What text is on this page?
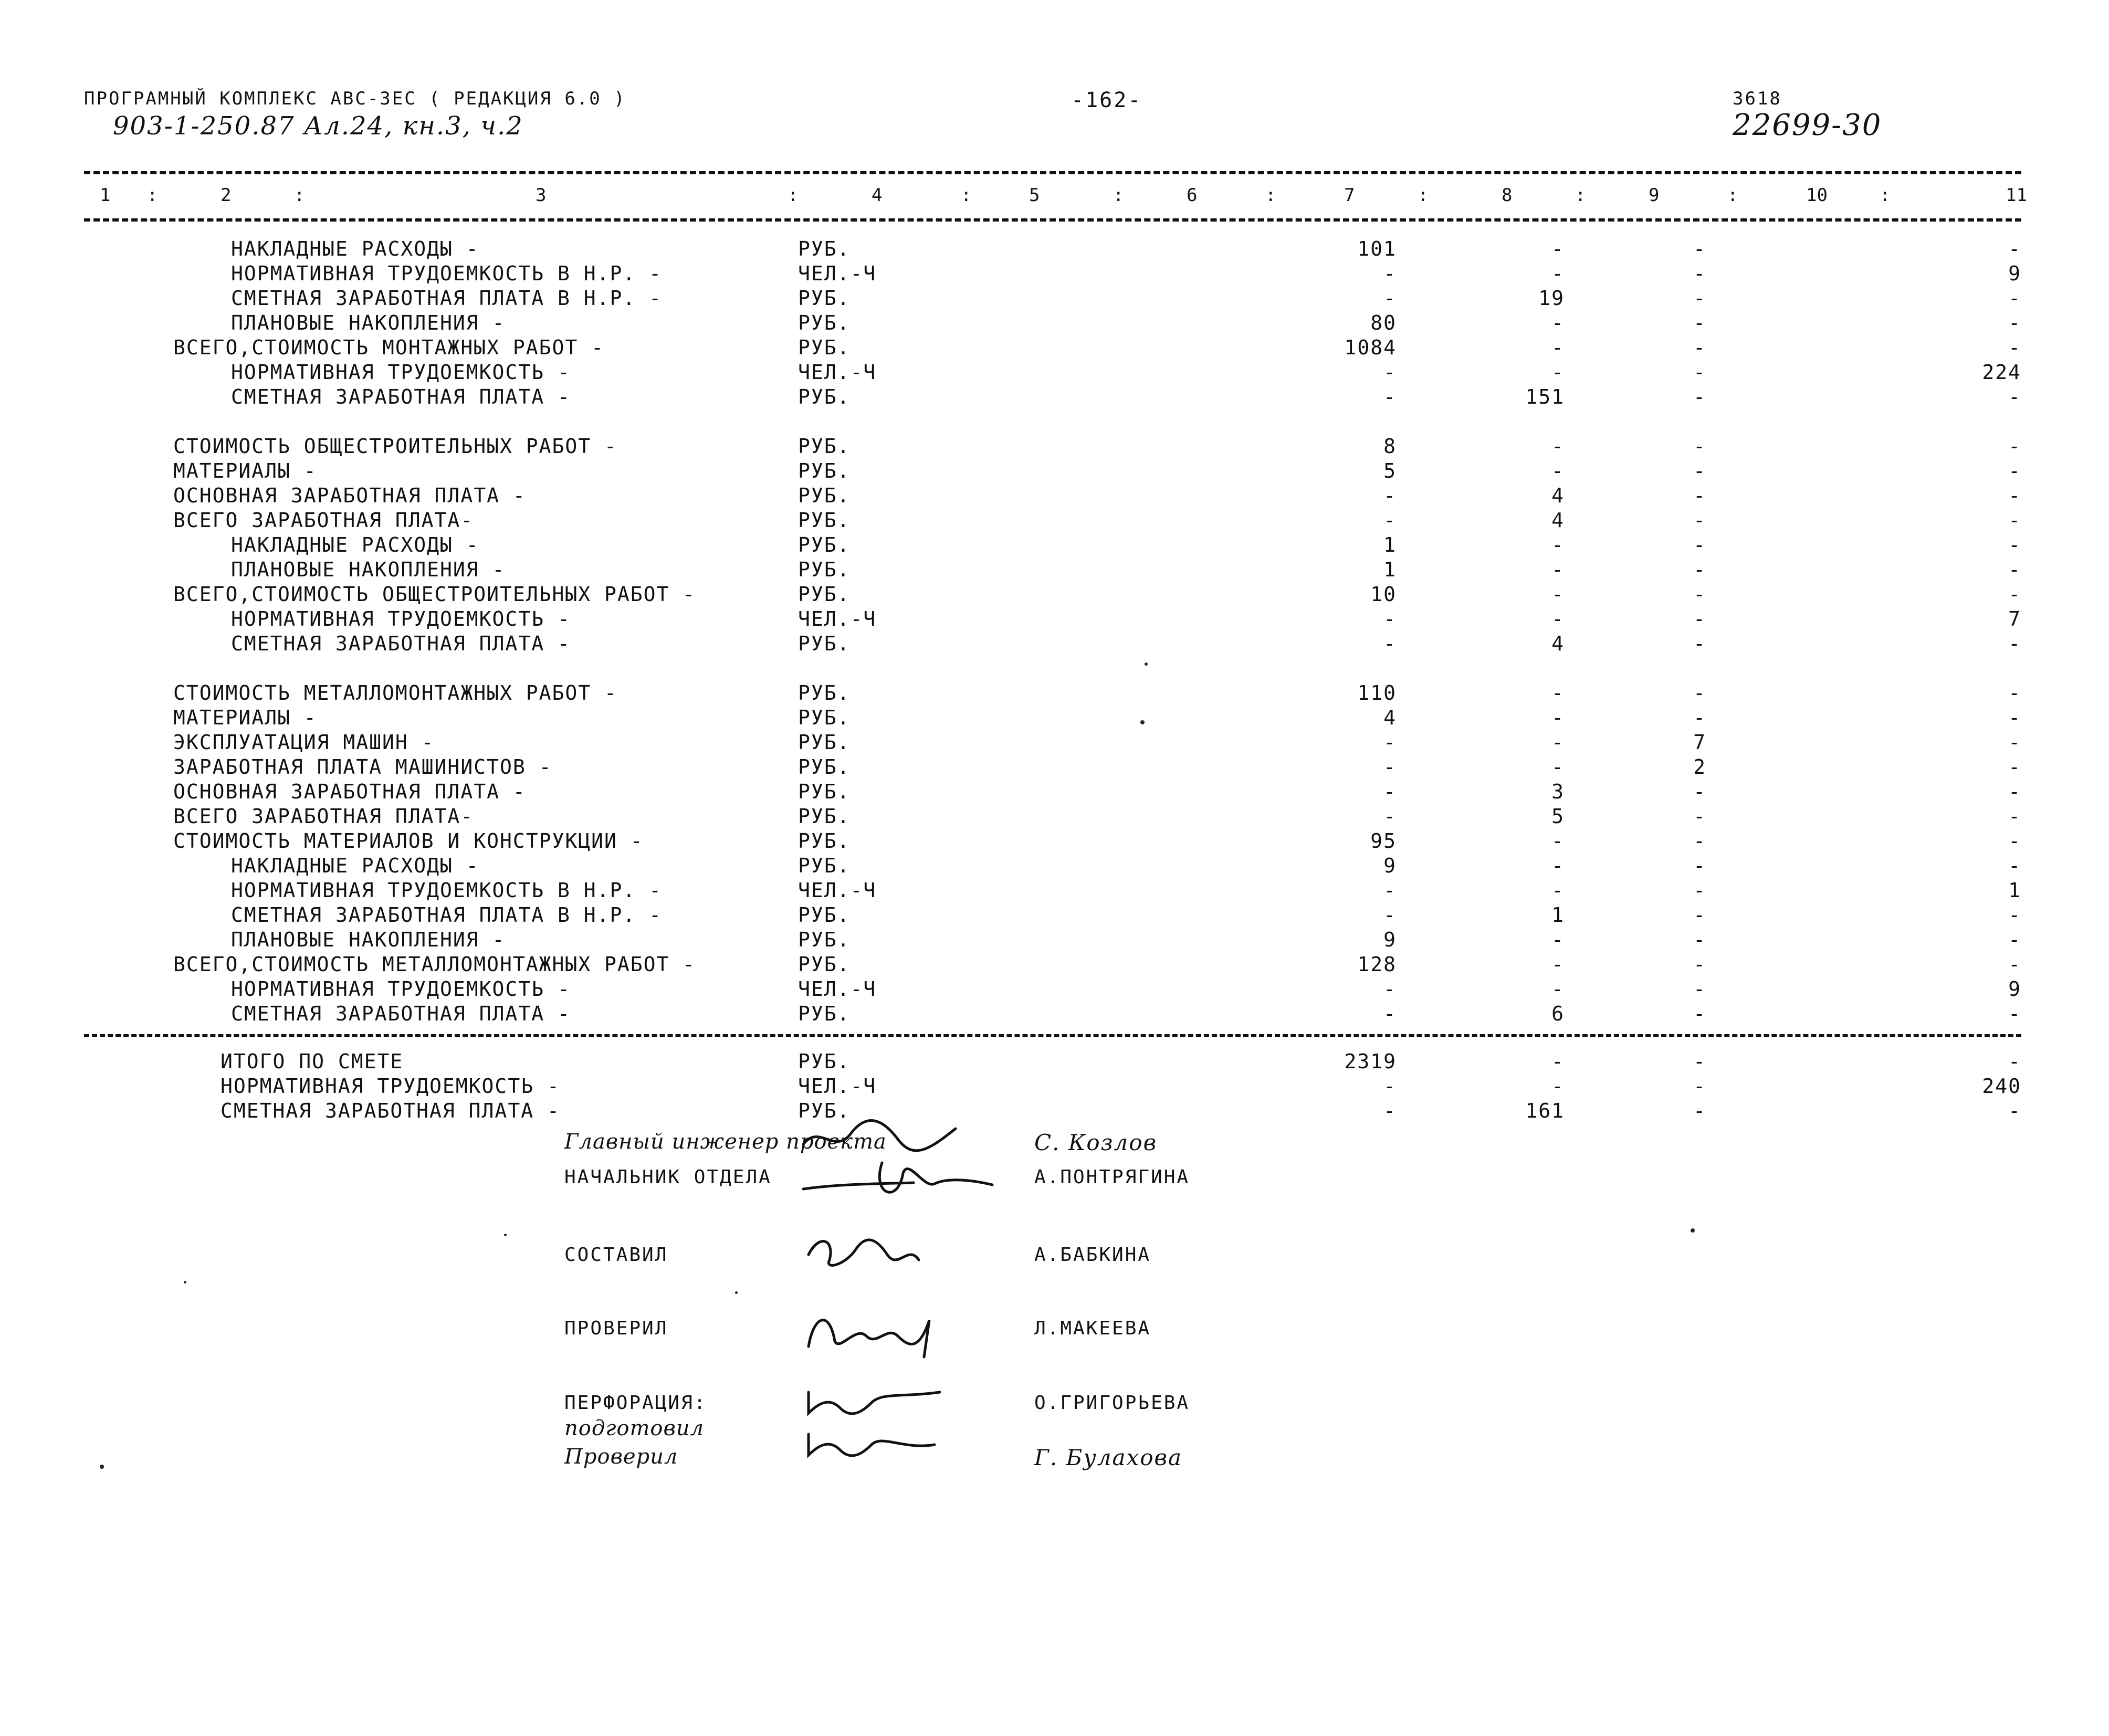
ПРОГРАМНЫЙ КОМПЛЕКС АВС-ЗЕС ( РЕДАКЦИЯ 6.0 )
903-1-250.87 Ал.24, кн.3, ч.2
-162-	3618
22699-30
1	2	3	4	5	6	7	8	9	10	11
:	:	:	:	:	:	:	:	:	:
НАКЛАДНЫЕ РАСХОДЫ -	РУБ.	101	-	-	-
НОРМАТИВНАЯ ТРУДОЕМКОСТЬ В Н.Р. -	ЧЕЛ.-Ч	-	-	-	9
СМЕТНАЯ ЗАРАБОТНАЯ ПЛАТА В Н.Р. -	РУБ.	-	19	-	-
ПЛАНОВЫЕ НАКОПЛЕНИЯ -	РУБ.	80	-	-	-
ВСЕГО,СТОИМОСТЬ МОНТАЖНЫХ РАБОТ -	РУБ.	1084	-	-	-
НОРМАТИВНАЯ ТРУДОЕМКОСТЬ -	ЧЕЛ.-Ч	-	-	-	224
СМЕТНАЯ ЗАРАБОТНАЯ ПЛАТА -	РУБ.	-	151	-	-
СТОИМОСТЬ ОБЩЕСТРОИТЕЛЬНЫХ РАБОТ -	РУБ.	8	-	-	-
МАТЕРИАЛЫ -	РУБ.	5	-	-	-
ОСНОВНАЯ ЗАРАБОТНАЯ ПЛАТА -	РУБ.	-	4	-	-
ВСЕГО ЗАРАБОТНАЯ ПЛАТА-	РУБ.	-	4	-	-
НАКЛАДНЫЕ РАСХОДЫ -	РУБ.	1	-	-	-
ПЛАНОВЫЕ НАКОПЛЕНИЯ -	РУБ.	1	-	-	-
ВСЕГО,СТОИМОСТЬ ОБЩЕСТРОИТЕЛЬНЫХ РАБОТ -	РУБ.	10	-	-	-
НОРМАТИВНАЯ ТРУДОЕМКОСТЬ -	ЧЕЛ.-Ч	-	-	-	7
СМЕТНАЯ ЗАРАБОТНАЯ ПЛАТА -	РУБ.	-	4	-	-
СТОИМОСТЬ МЕТАЛЛОМОНТАЖНЫХ РАБОТ -	РУБ.	110	-	-	-
МАТЕРИАЛЫ -	РУБ.	4	-	-	-
ЭКСПЛУАТАЦИЯ МАШИН -	РУБ.	-	-	7	-
ЗАРАБОТНАЯ ПЛАТА МАШИНИСТОВ -	РУБ.	-	-	2	-
ОСНОВНАЯ ЗАРАБОТНАЯ ПЛАТА -	РУБ.	-	3	-	-
ВСЕГО ЗАРАБОТНАЯ ПЛАТА-	РУБ.	-	5	-	-
СТОИМОСТЬ МАТЕРИАЛОВ И КОНСТРУКЦИИ -	РУБ.	95	-	-	-
НАКЛАДНЫЕ РАСХОДЫ -	РУБ.	9	-	-	-
НОРМАТИВНАЯ ТРУДОЕМКОСТЬ В Н.Р. -	ЧЕЛ.-Ч	-	-	-	1
СМЕТНАЯ ЗАРАБОТНАЯ ПЛАТА В Н.Р. -	РУБ.	-	1	-	-
ПЛАНОВЫЕ НАКОПЛЕНИЯ -	РУБ.	9	-	-	-
ВСЕГО,СТОИМОСТЬ МЕТАЛЛОМОНТАЖНЫХ РАБОТ -	РУБ.	128	-	-	-
НОРМАТИВНАЯ ТРУДОЕМКОСТЬ -	ЧЕЛ.-Ч	-	-	-	9
СМЕТНАЯ ЗАРАБОТНАЯ ПЛАТА -	РУБ.	-	6	-	-
ИТОГО ПО СМЕТЕ	РУБ.	2319	-	-	-
НОРМАТИВНАЯ ТРУДОЕМКОСТЬ -	ЧЕЛ.-Ч	-	-	-	240
СМЕТНАЯ ЗАРАБОТНАЯ ПЛАТА -	РУБ.	-	161	-	-
Главный инженер проекта	С. Козлов
НАЧАЛЬНИК ОТДЕЛА	А.ПОНТРЯГИНА
СОСТАВИЛ	А.БАБКИНА
ПРОВЕРИЛ	Л.МАКЕЕВА
ПЕРФОРАЦИЯ:	О.ГРИГОРЬЕВА
подготовил
Проверил	Г. Булахова
